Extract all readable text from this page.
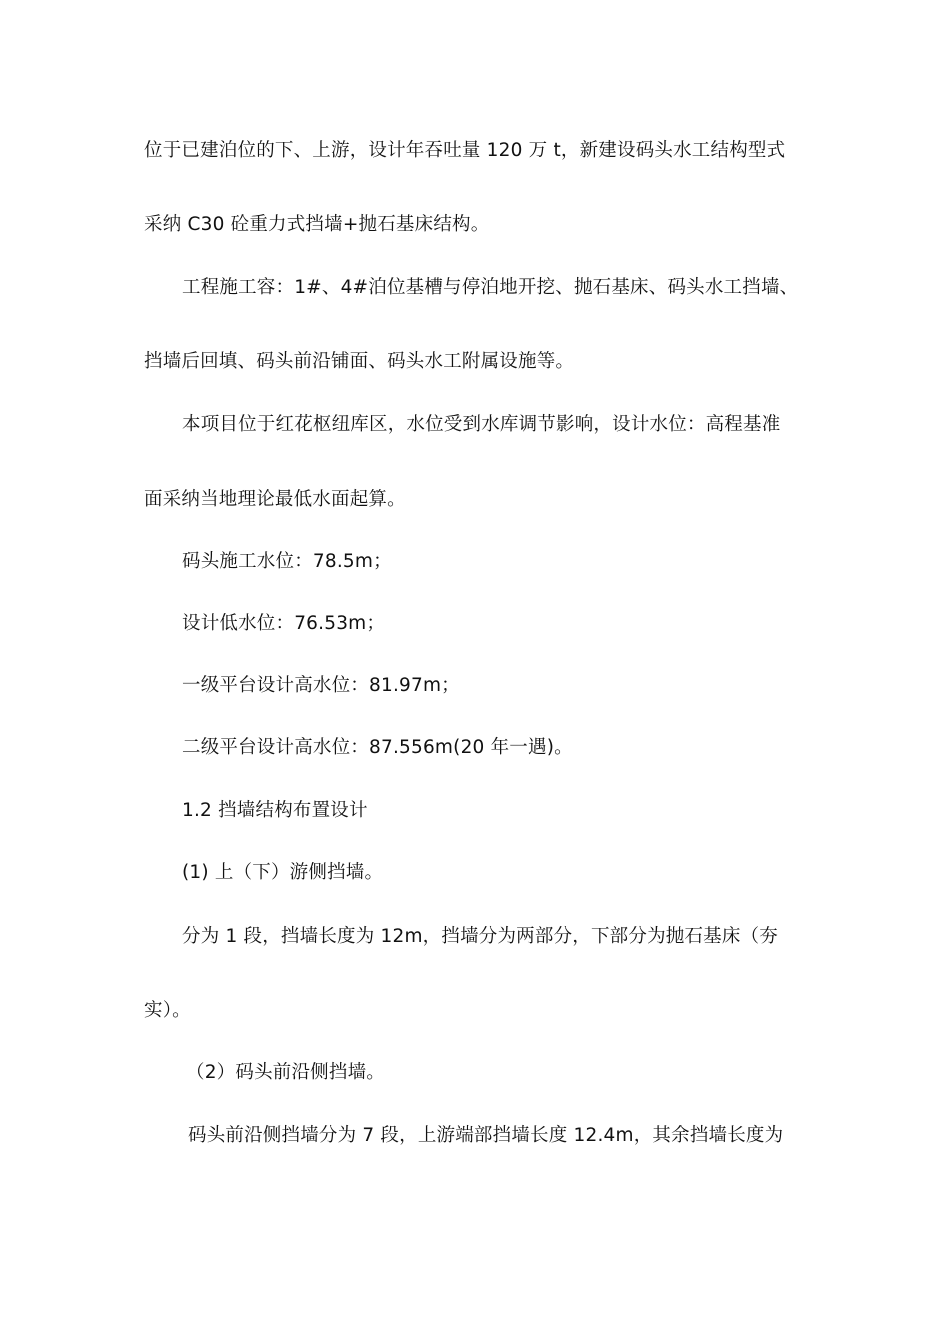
位于已建泊位的下、上游，设计年吞吐量 120 万 t，新建设码头水工结构型式
采纳 C30 砼重力式挡墙+抛石基床结构。
工程施工容：1#、4#泊位基槽与停泊地开挖、抛石基床、码头水工挡墙、
挡墙后回填、码头前沿铺面、码头水工附属设施等。
本项目位于红花枢纽库区，水位受到水库调节影响，设计水位：高程基准
面采纳当地理论最低水面起算。
码头施工水位：78.5m；
设计低水位：76.53m；
一级平台设计高水位：81.97m；
二级平台设计高水位：87.556m(20 年一遇)。
1.2 挡墙结构布置设计
(1) 上（下）游侧挡墙。
分为 1 段，挡墙长度为 12m，挡墙分为两部分，下部分为抛石基床（夯
实）。
（2）码头前沿侧挡墙。
码头前沿侧挡墙分为 7 段，上游端部挡墙长度 12.4m，其余挡墙长度为
